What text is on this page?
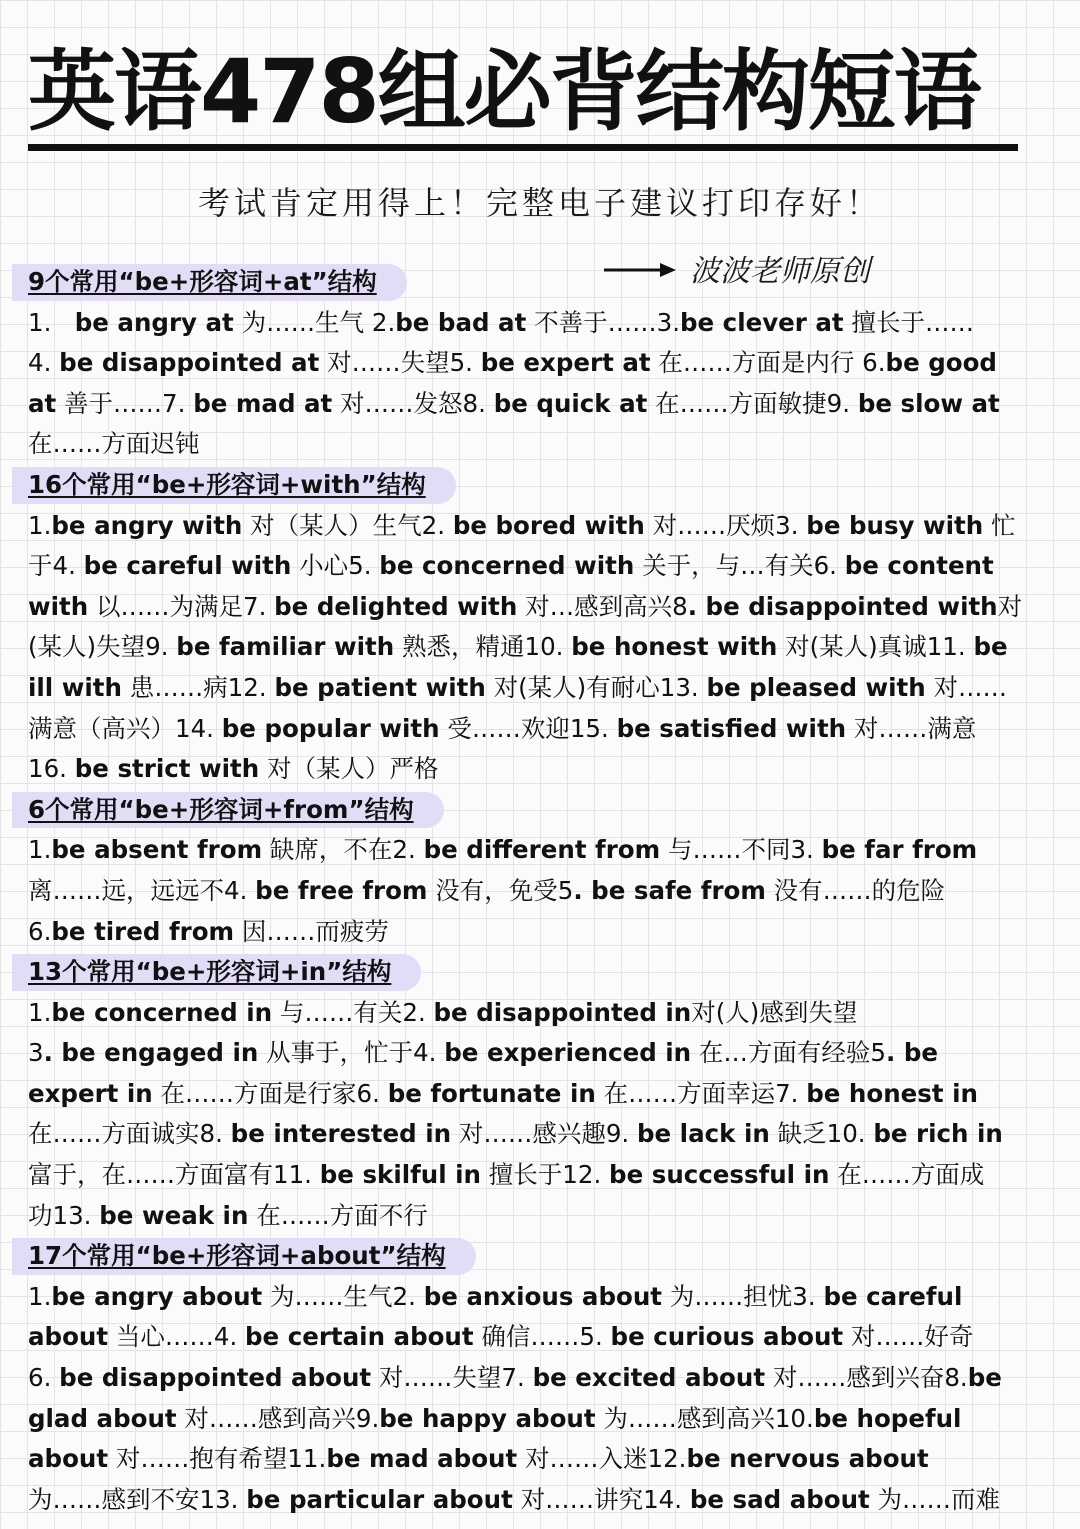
英语478组必背结构短语
考试肯定用得上！完整电子建议打印存好！
波波老师原创
9个常用“be+形容词+at”结构
1.   be angry at 为……生气 2.be bad at 不善于……3.be clever at 擅长于……
4. be disappointed at 对……失望5. be expert at 在……方面是内行 6.be good
at 善于……7. be mad at 对……发怒8. be quick at 在……方面敏捷9. be slow at
在……方面迟钝
16个常用“be+形容词+with”结构
1.be angry with 对（某人）生气2. be bored with 对……厌烦3. be busy with 忙
于4. be careful with 小心5. be concerned with 关于，与…有关6. be content
with 以……为满足7. be delighted with 对…感到高兴8. be disappointed with对
(某人)失望9. be familiar with 熟悉，精通10. be honest with 对(某人)真诚11. be
ill with 患……病12. be patient with 对(某人)有耐心13. be pleased with 对……
满意（高兴）14. be popular with 受……欢迎15. be satisfied with 对……满意
16. be strict with 对（某人）严格
6个常用“be+形容词+from”结构
1.be absent from 缺席，不在2. be different from 与……不同3. be far from
离……远，远远不4. be free from 没有，免受5. be safe from 没有……的危险
6.be tired from 因……而疲劳
13个常用“be+形容词+in”结构
1.be concerned in 与……有关2. be disappointed in对(人)感到失望
3. be engaged in 从事于，忙于4. be experienced in 在…方面有经验5. be
expert in 在……方面是行家6. be fortunate in 在……方面幸运7. be honest in
在……方面诚实8. be interested in 对……感兴趣9. be lack in 缺乏10. be rich in
富于，在……方面富有11. be skilful in 擅长于12. be successful in 在……方面成
功13. be weak in 在……方面不行
17个常用“be+形容词+about”结构
1.be angry about 为……生气2. be anxious about 为……担忧3. be careful
about 当心……4. be certain about 确信……5. be curious about 对……好奇
6. be disappointed about 对……失望7. be excited about 对……感到兴奋8.be
glad about 对……感到高兴9.be happy about 为……感到高兴10.be hopeful
about 对……抱有希望11.be mad about 对……入迷12.be nervous about
为……感到不安13. be particular about 对……讲究14. be sad about 为……而难
